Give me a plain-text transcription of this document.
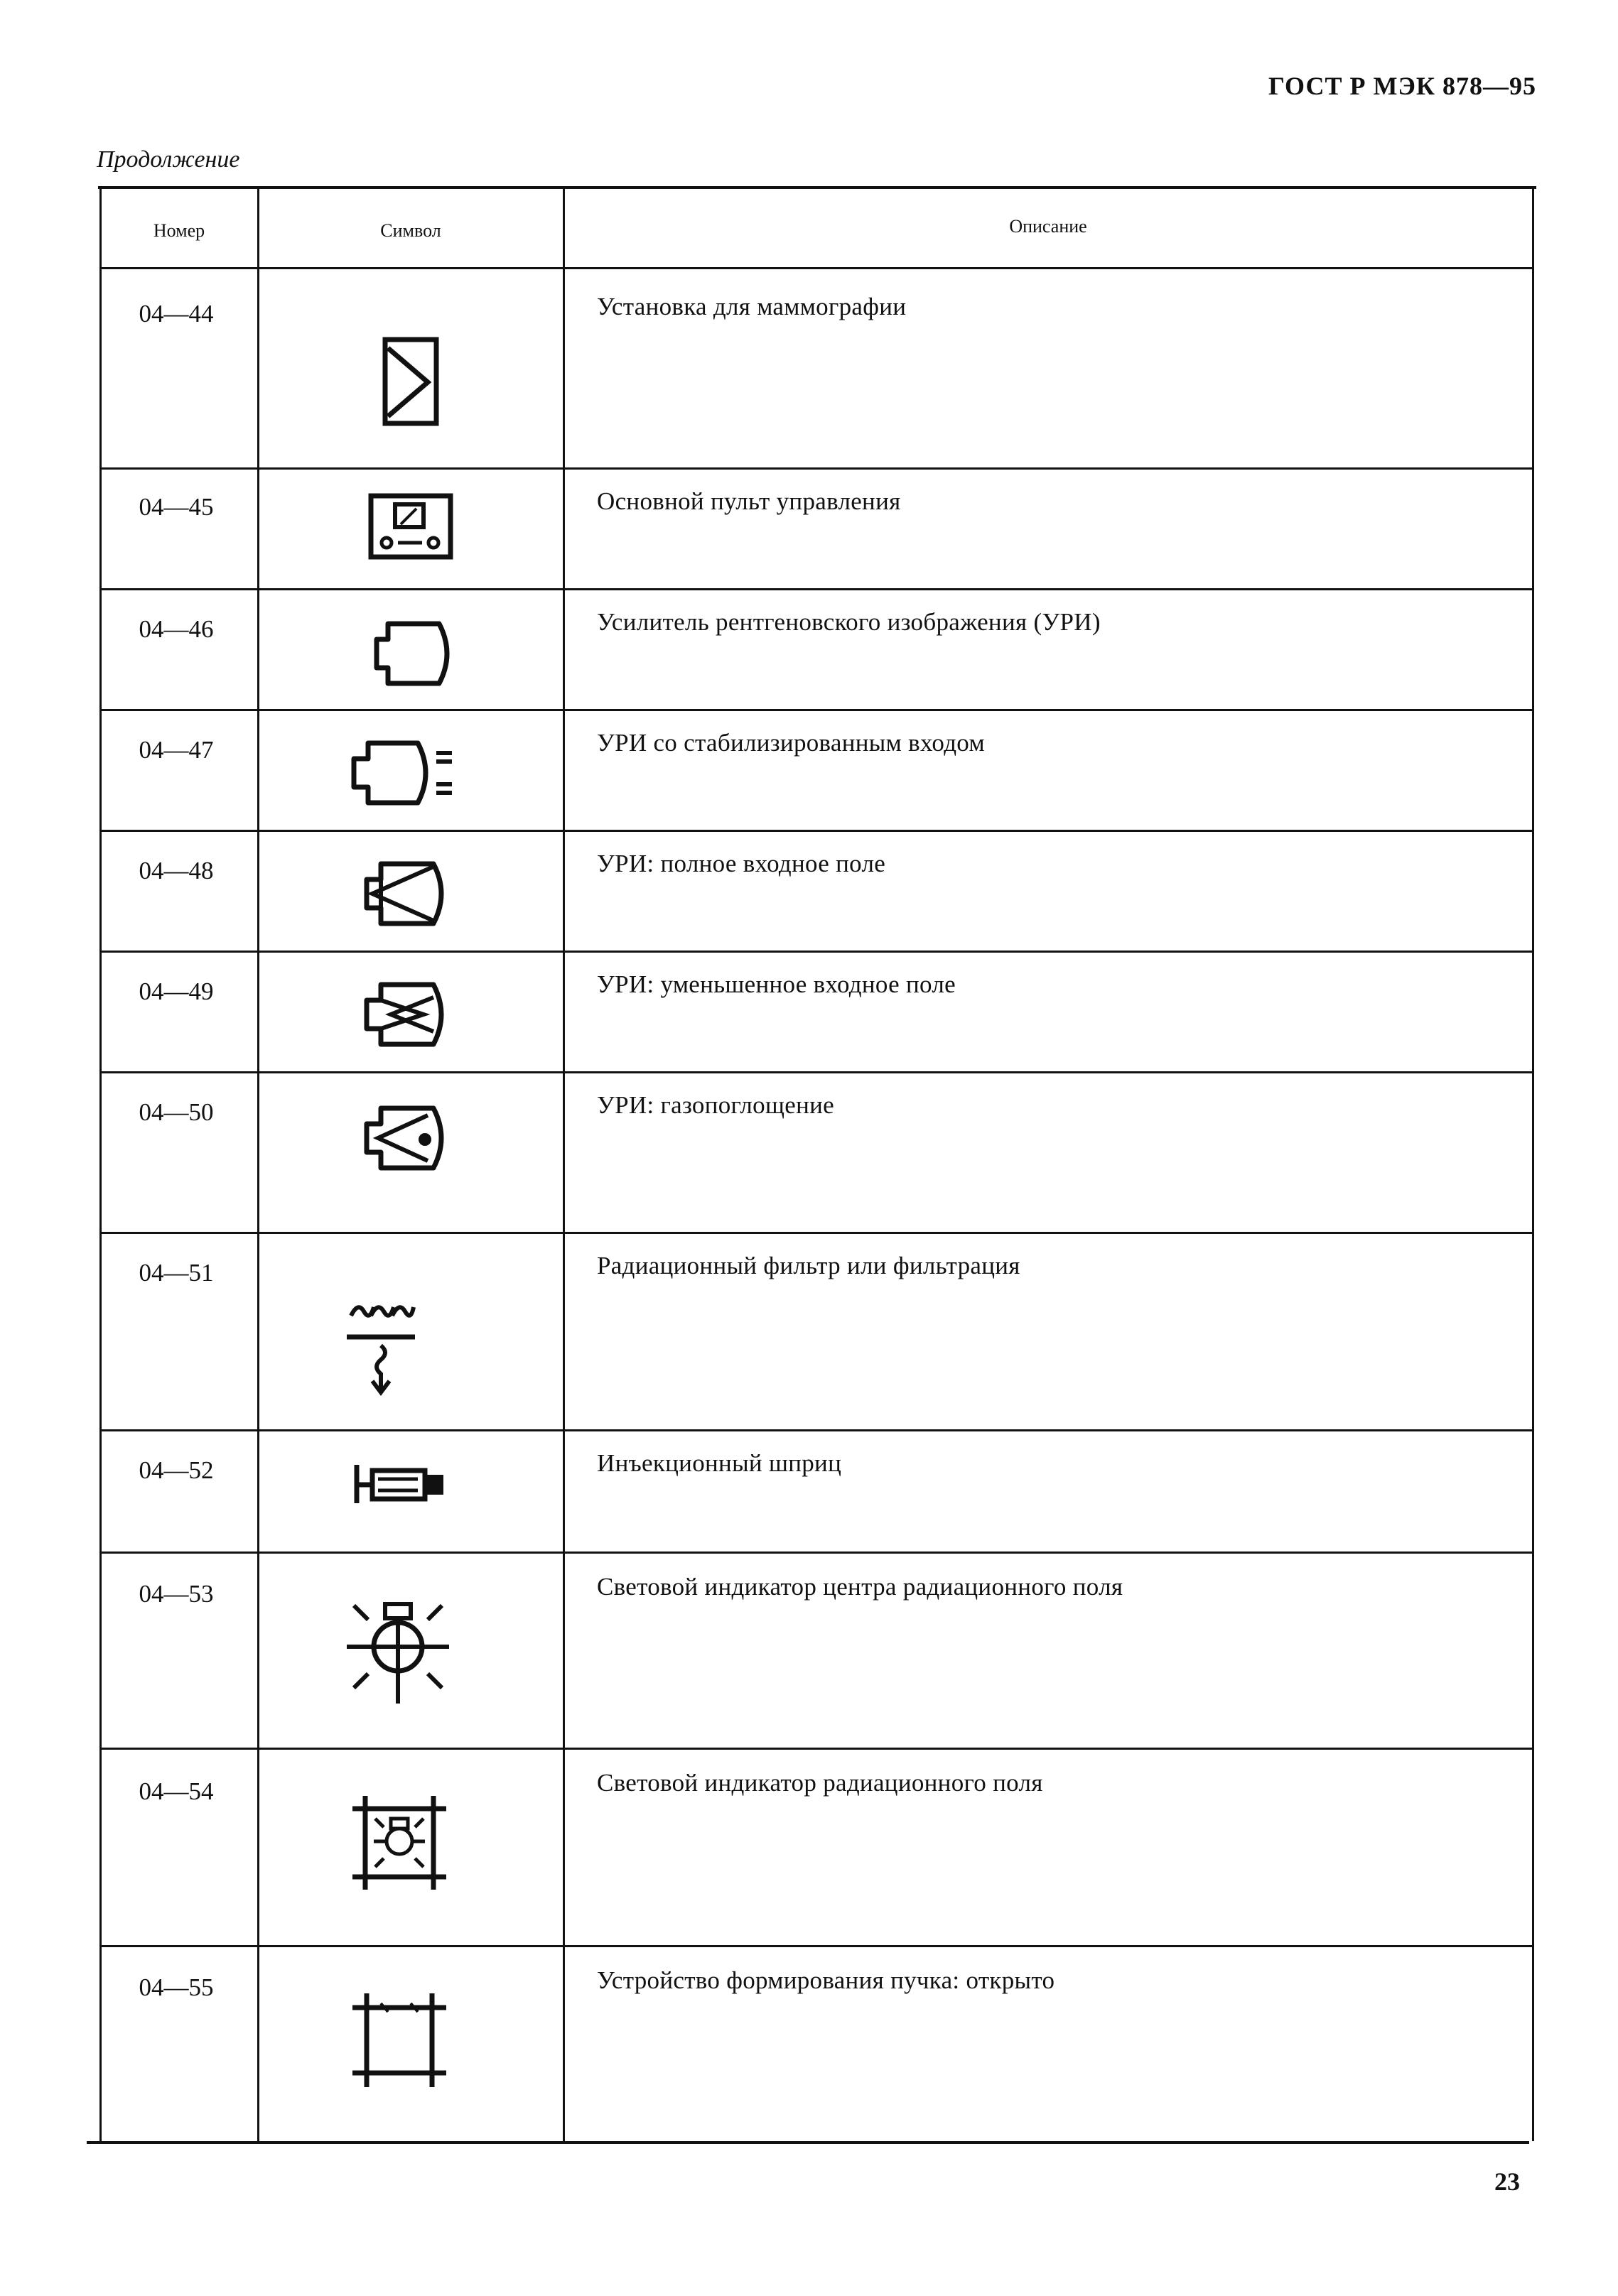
ГОСТ Р МЭК 878—95
Продолжение
Номер	Символ	Описание
04—44	Установка для маммографии
04—45	Основной пульт управления
04—46	Усилитель рентгеновского изображения (УРИ)
04—47	УРИ со стабилизированным входом
04—48	УРИ: полное входное поле
04—49	УРИ: уменьшенное входное поле
04—50	УРИ: газопоглощение
04—51	Радиационный фильтр или фильтрация
04—52	Инъекционный шприц
04—53	Световой индикатор центра радиационного поля
04—54	Световой индикатор радиационного поля
04—55	Устройство формирования пучка: открыто
23
